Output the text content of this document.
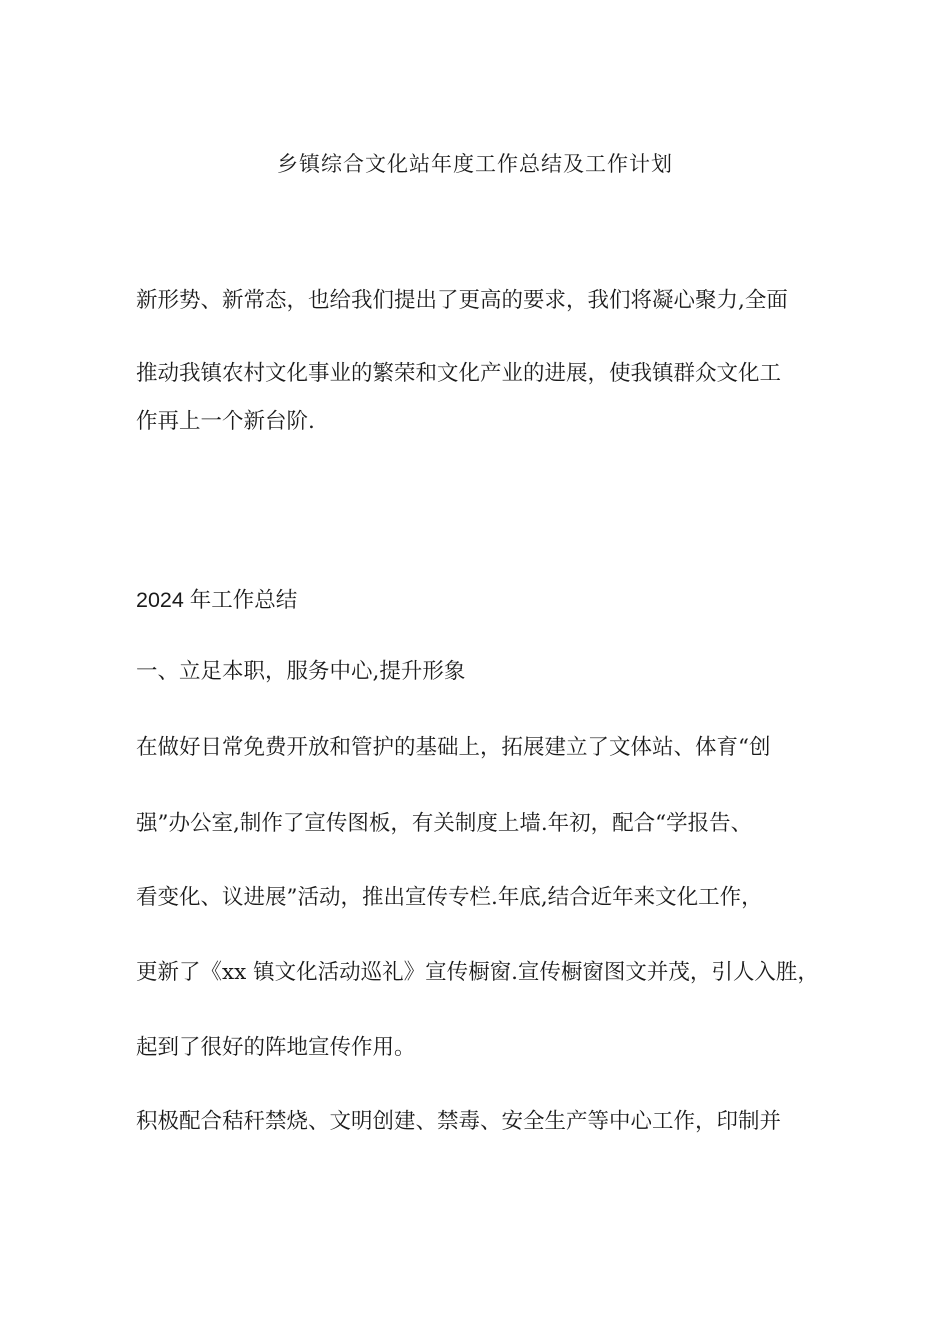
乡镇综合文化站年度工作总结及工作计划
新形势、新常态，也给我们提出了更高的要求，我们将凝心聚力,全面
推动我镇农村文化事业的繁荣和文化产业的进展，使我镇群众文化工
作再上一个新台阶.
2024 年工作总结
一、立足本职，服务中心,提升形象
在做好日常免费开放和管护的基础上，拓展建立了文体站、体育“创
强”办公室,制作了宣传图板，有关制度上墙.年初，配合“学报告、
看变化、议进展”活动，推出宣传专栏.年底,结合近年来文化工作，
更新了《xx 镇文化活动巡礼》宣传橱窗.宣传橱窗图文并茂，引人入胜，
起到了很好的阵地宣传作用。
积极配合秸秆禁烧、文明创建、禁毒、安全生产等中心工作，印制并
